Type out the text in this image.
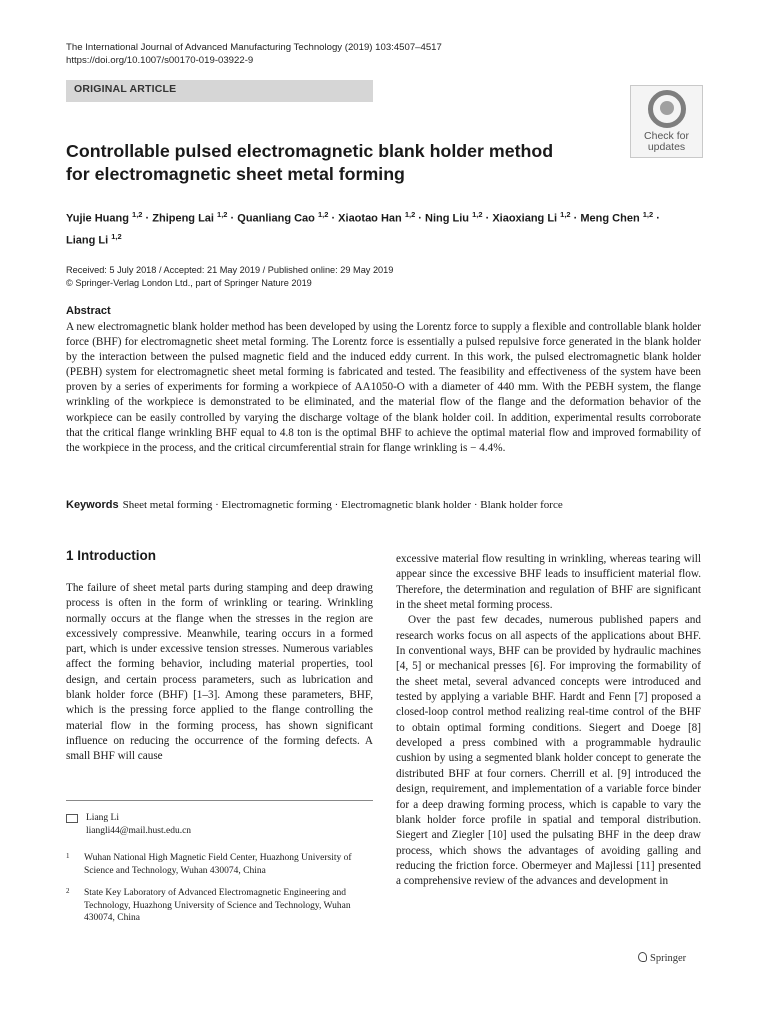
The International Journal of Advanced Manufacturing Technology (2019) 103:4507–4517
https://doi.org/10.1007/s00170-019-03922-9
ORIGINAL ARTICLE
Check for
updates
Controllable pulsed electromagnetic blank holder method
for electromagnetic sheet metal forming
Yujie Huang $^{1,2}$ · Zhipeng Lai $^{1,2}$ · Quanliang Cao $^{1,2}$ · Xiaotao Han $^{1,2}$ · Ning Liu $^{1,2}$ · Xiaoxiang Li $^{1,2}$ · Meng Chen $^{1,2}$ ·
Liang Li $^{1,2}$
Received: 5 July 2018 / Accepted: 21 May 2019 / Published online: 29 May 2019
© Springer-Verlag London Ltd., part of Springer Nature 2019
Abstract
A new electromagnetic blank holder method has been developed by using the Lorentz force to supply a flexible and controllable blank holder force (BHF) for electromagnetic sheet metal forming. The Lorentz force is essentially a pulsed repulsive force generated in the blank holder by the interaction between the pulsed magnetic field and the induced eddy current. In this work, the pulsed electromagnetic blank holder (PEBH) system for electromagnetic sheet metal forming is fabricated and tested. The feasibility and effectiveness of the system have been proven by a series of experiments for forming a workpiece of AA1050-O with a diameter of 440 mm. With the PEBH system, the flange wrinkling of the workpiece is demonstrated to be eliminated, and the material flow of the flange and the deformation behavior of the workpiece can be easily controlled by varying the discharge voltage of the blank holder coil. In addition, experimental results corroborate that the critical flange wrinkling BHF equal to 4.8 ton is the optimal BHF to achieve the optimal material flow and improved formability of the workpiece in the process, and the critical circumferential strain for flange wrinkling is − 4.4%.
Keywords Sheet metal forming · Electromagnetic forming · Electromagnetic blank holder · Blank holder force
1 Introduction
The failure of sheet metal parts during stamping and deep drawing process is often in the form of wrinkling or tearing. Wrinkling normally occurs at the flange when the stresses in the region are excessively compressive. Meanwhile, tearing occurs in a formed part, which is under excessive tension stresses. Numerous variables affect the forming behavior, including material properties, tool design, and certain process parameters, such as lubrication and blank holder force (BHF) [1–3]. Among these parameters, BHF, which is the pressing force applied to the flange controlling the material flow in the forming process, has shown significant influence on reducing the occurrence of the forming defects. A small BHF will cause

excessive material flow resulting in wrinkling, whereas tearing will appear since the excessive BHF leads to insufficient material flow. Therefore, the determination and regulation of BHF are significant in the sheet metal forming process.

Over the past few decades, numerous published papers and research works focus on all aspects of the applications about BHF. In conventional ways, BHF can be provided by hydraulic machines [4, 5] or mechanical presses [6]. For improving the formability of the sheet metal, several advanced concepts were introduced and tested by applying a variable BHF. Hardt and Fenn [7] proposed a closed-loop control method realizing real-time control of the BHF to obtain optimal forming conditions. Siegert and Doege [8] developed a press combined with a programmable hydraulic cushion by using a segmented blank holder concept to generate the distributed BHF at four corners. Cherrill et al. [9] introduced the design, requirement, and implementation of a variable force binder for a deep drawing forming process, which is capable to vary the blank holder force profile in spatial and temporal distribution. Siegert and Ziegler [10] used the pulsating BHF in the deep draw process, which shows the advantages of avoiding galling and reducing the friction force. Obermeyer and Majlessi [11] presented a comprehensive review of the advances and development in

Liang Li
liangli44@mail.hust.edu.cn
1 Wuhan National High Magnetic Field Center, Huazhong University of Science and Technology, Wuhan 430074, China
2 State Key Laboratory of Advanced Electromagnetic Engineering and Technology, Huazhong University of Science and Technology, Wuhan 430074, China
Springer
